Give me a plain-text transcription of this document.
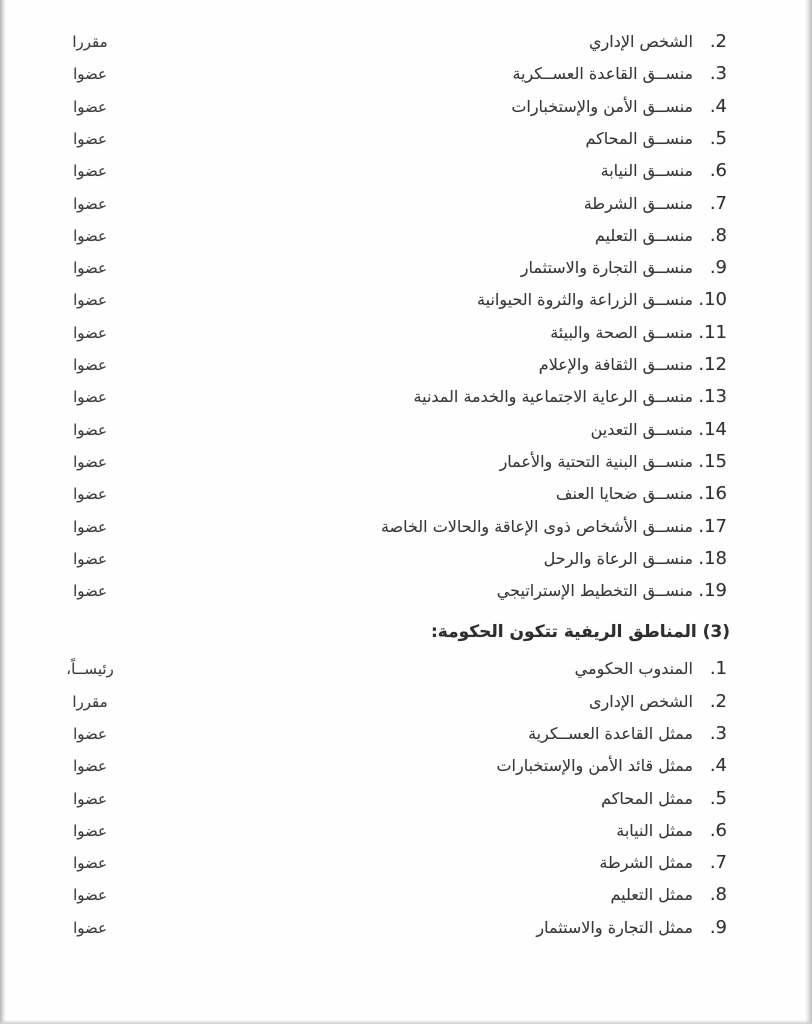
مقررا	2.الشخص الإداري
عضوا	3.منســق القاعدة العســكرية
عضوا	4.منســق الأمن والإستخبارات
عضوا	5.منســق المحاكم
عضوا	6.منســق النيابة
عضوا	7.منســق الشرطة
عضوا	8.منســق التعليم
عضوا	9.منســق التجارة والاستثمار
عضوا	10.منســق الزراعة والثروة الحيوانية
عضوا	11.منســق الصحة والبيئة
عضوا	12.منســق الثقافة والإعلام
عضوا	13.منســق الرعاية الاجتماعية والخدمة المدنية
عضوا	14.منســق التعدين
عضوا	15.منســق البنية التحتية والأعمار
عضوا	16.منســق ضحايا العنف
عضوا	17.منســق الأشخاص ذوى الإعاقة والحالات الخاصة
عضوا	18.منســق الرعاة والرحل
عضوا	19.منســق التخطيط الإستراتيجي
(3) المناطق الريفية تتكون الحكومة:
رئيســاً،	1.المندوب الحكومي
مقررا	2.الشخص الإدارى
عضوا	3.ممثل القاعدة العســكرية
عضوا	4.ممثل قائد الأمن والإستخبارات
عضوا	5.ممثل المحاكم
عضوا	6.ممثل النيابة
عضوا	7.ممثل الشرطة
عضوا	8.ممثل التعليم
عضوا	9.ممثل التجارة والاستثمار
